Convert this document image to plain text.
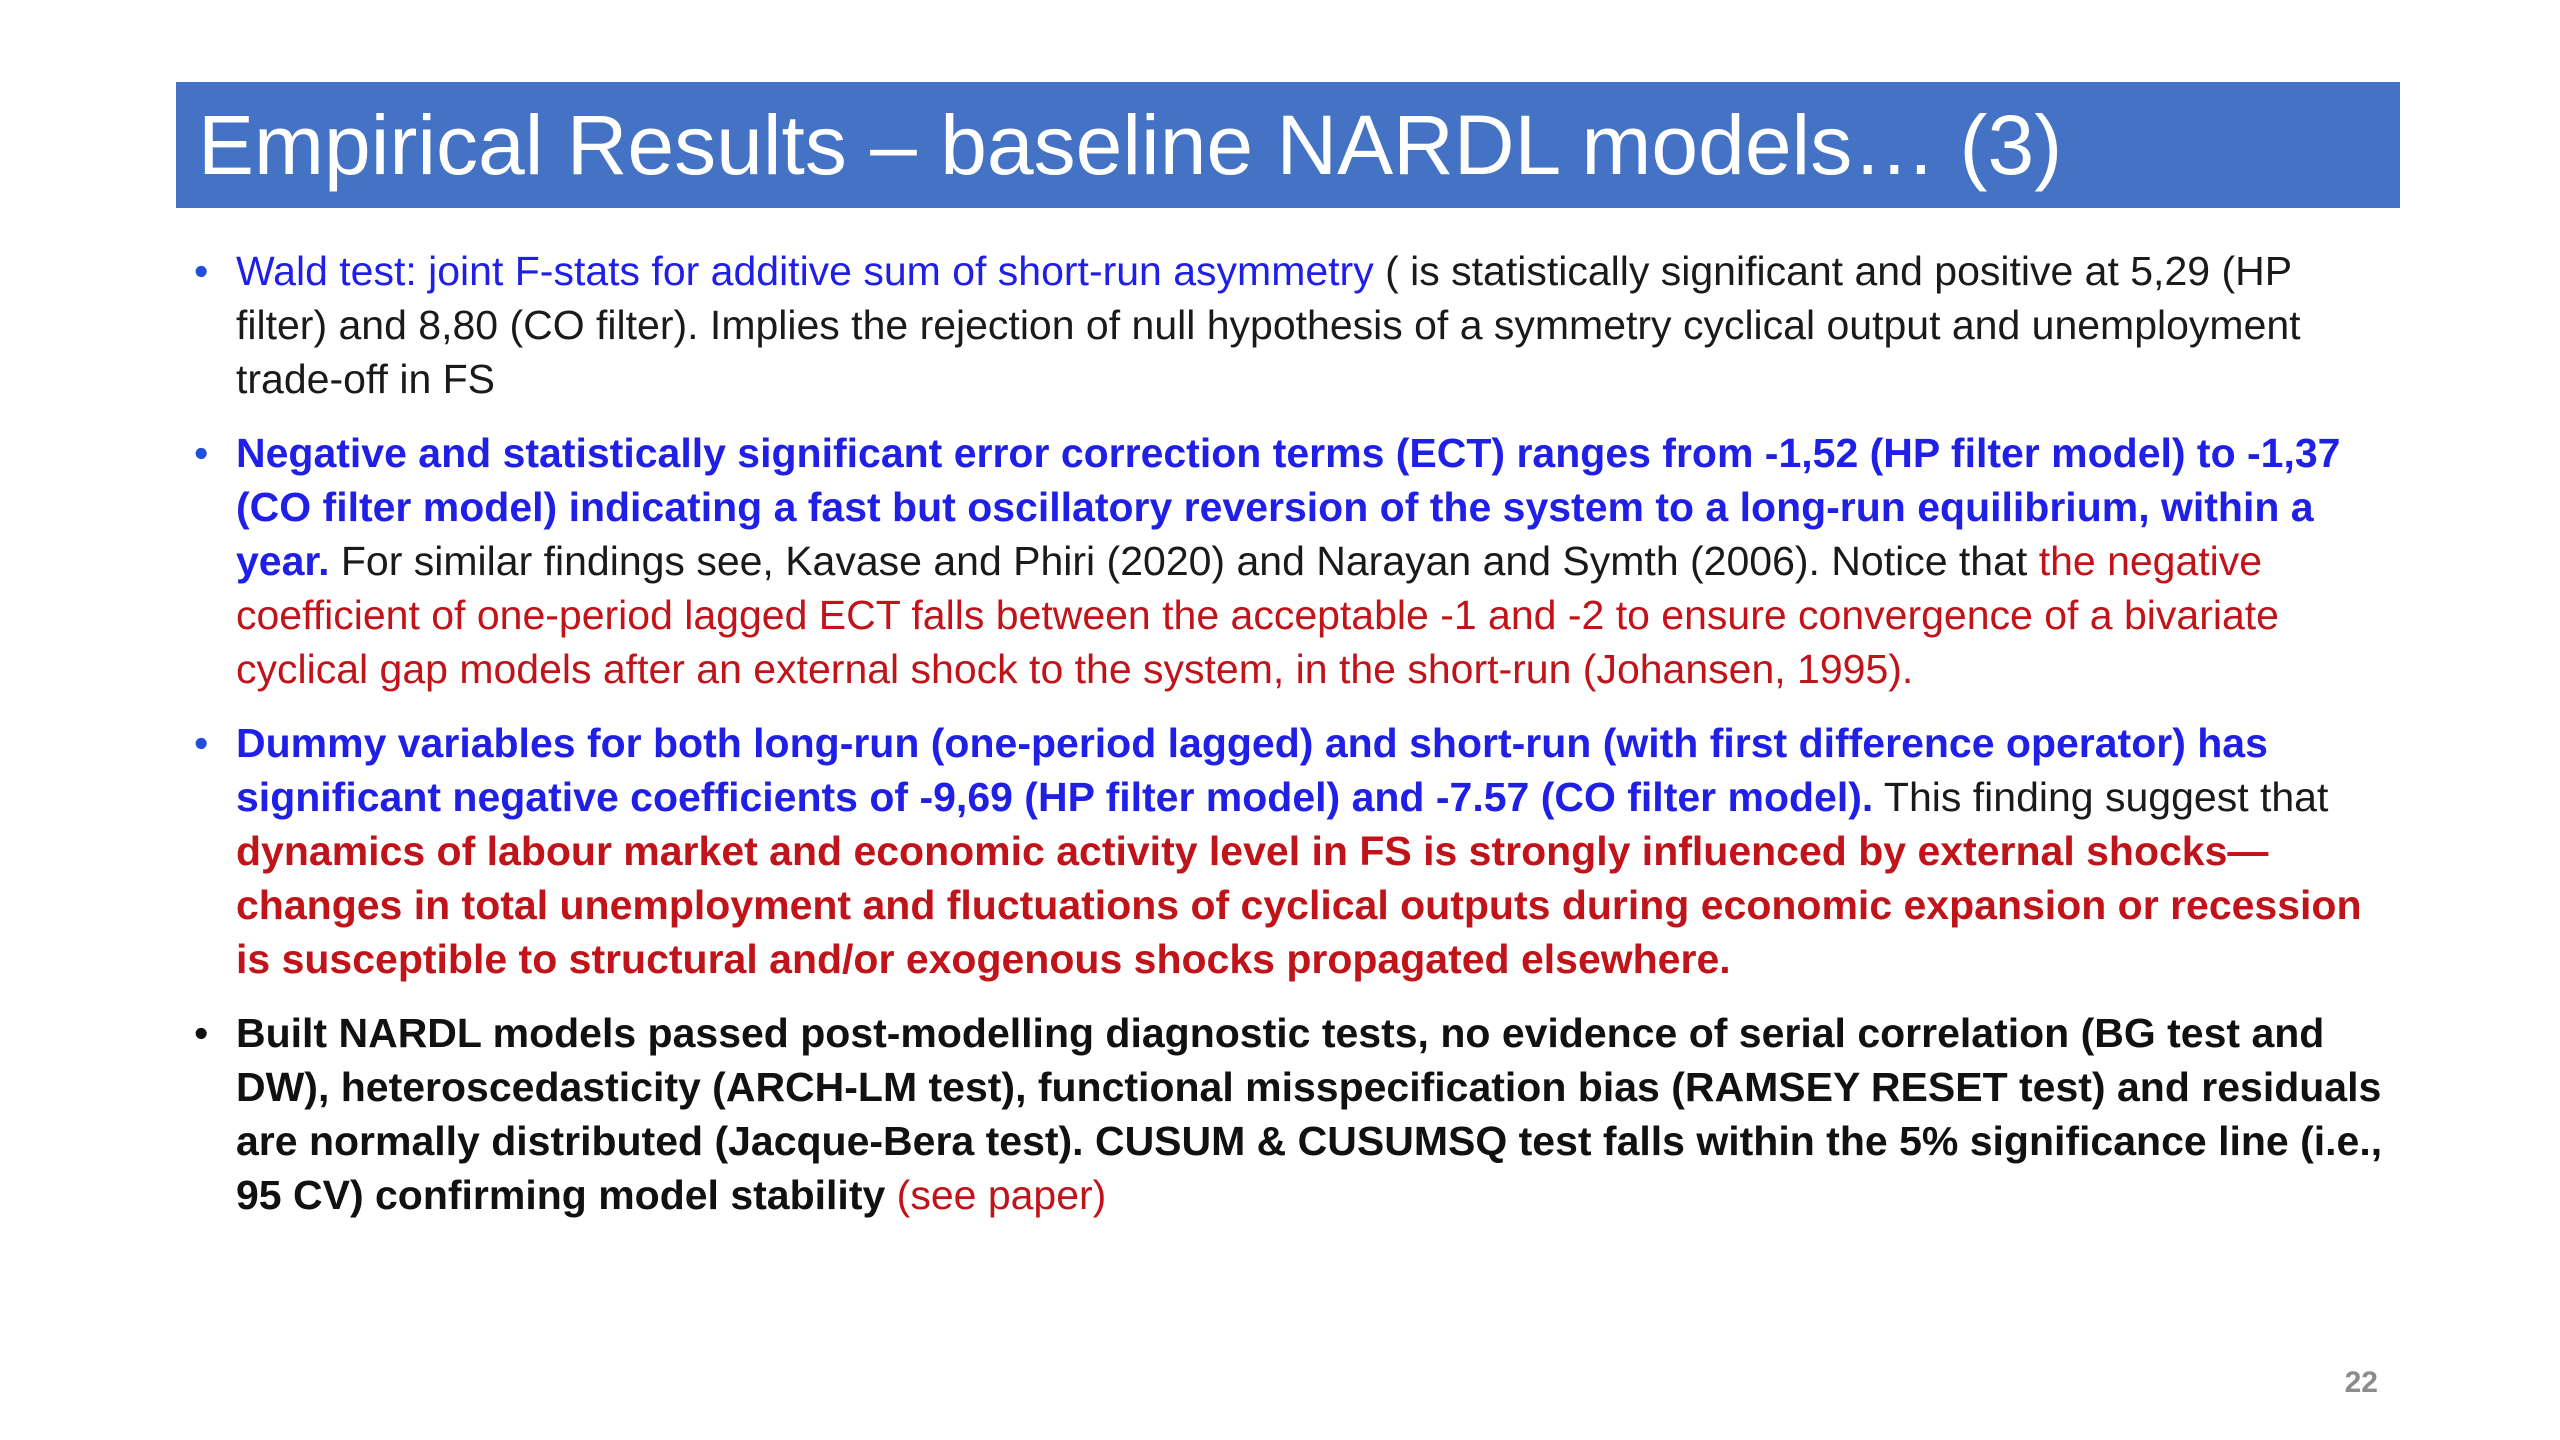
Empirical Results – baseline NARDL models… (3)
• Wald test: joint F-stats for additive sum of short-run asymmetry ( is statistically significant and positive at 5,29 (HP filter) and 8,80 (CO filter). Implies the rejection of null hypothesis of a symmetry cyclical output and unemployment trade-off in FS
• Negative and statistically significant error correction terms (ECT) ranges from -1,52 (HP filter model) to -1,37 (CO filter model) indicating a fast but oscillatory reversion of the system to a long-run equilibrium, within a year. For similar findings see, Kavase and Phiri (2020) and Narayan and Symth (2006). Notice that the negative coefficient of one-period lagged ECT falls between the acceptable -1 and -2 to ensure convergence of a bivariate cyclical gap models after an external shock to the system, in the short-run (Johansen, 1995).
• Dummy variables for both long-run (one-period lagged) and short-run (with first difference operator) has significant negative coefficients of -9,69 (HP filter model) and -7.57 (CO filter model). This finding suggest that dynamics of labour market and economic activity level in FS is strongly influenced by external shocks—changes in total unemployment and fluctuations of cyclical outputs during economic expansion or recession is susceptible to structural and/or exogenous shocks propagated elsewhere.
• Built NARDL models passed post-modelling diagnostic tests, no evidence of serial correlation (BG test and DW), heteroscedasticity (ARCH-LM test), functional misspecification bias (RAMSEY RESET test) and residuals are normally distributed (Jacque-Bera test). CUSUM & CUSUMSQ test falls within the 5% significance line (i.e., 95 CV) confirming model stability (see paper)
22
